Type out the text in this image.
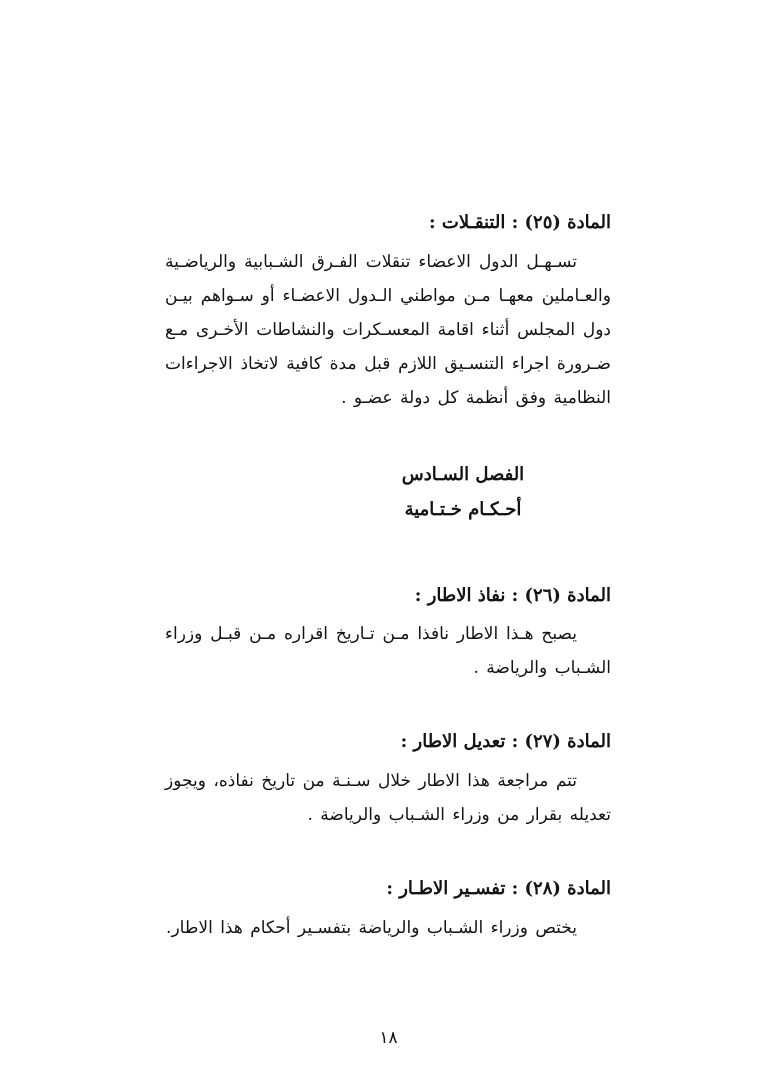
المادة (٢٥) : التنقـلات :

تسـهـل الدول الاعضاء تنقلات الفـرق الشـبابية والرياضـية والعـاملين معهـا مـن مواطني الـدول الاعضـاء أو سـواهم بيـن دول المجلس أثناء اقامة المعسـكرات والنشاطات الأخـرى مـع ضـرورة اجراء التنسـيق اللازم قبل مدة كافية لاتخاذ الاجراءات النظامية وفق أنظمة كل دولة عضـو .

الفصل السـادس
أحـكـام خـتـامية
المادة (٢٦) : نفاذ الاطار :

يصبح هـذا الاطار نافذا مـن تـاريخ اقراره مـن قبـل وزراء الشـباب والرياضة .

المادة (٢٧) : تعديل الاطار :

تتم مراجعة هذا الاطار خلال سـنـة من تاريخ نفاذه، ويجوز تعديله بقرار من وزراء الشـباب والرياضة .

المادة (٢٨) : تفسـير الاطـار :

يختص وزراء الشـباب والرياضة بتفسـير أحكام هذا الاطار.

١٨
